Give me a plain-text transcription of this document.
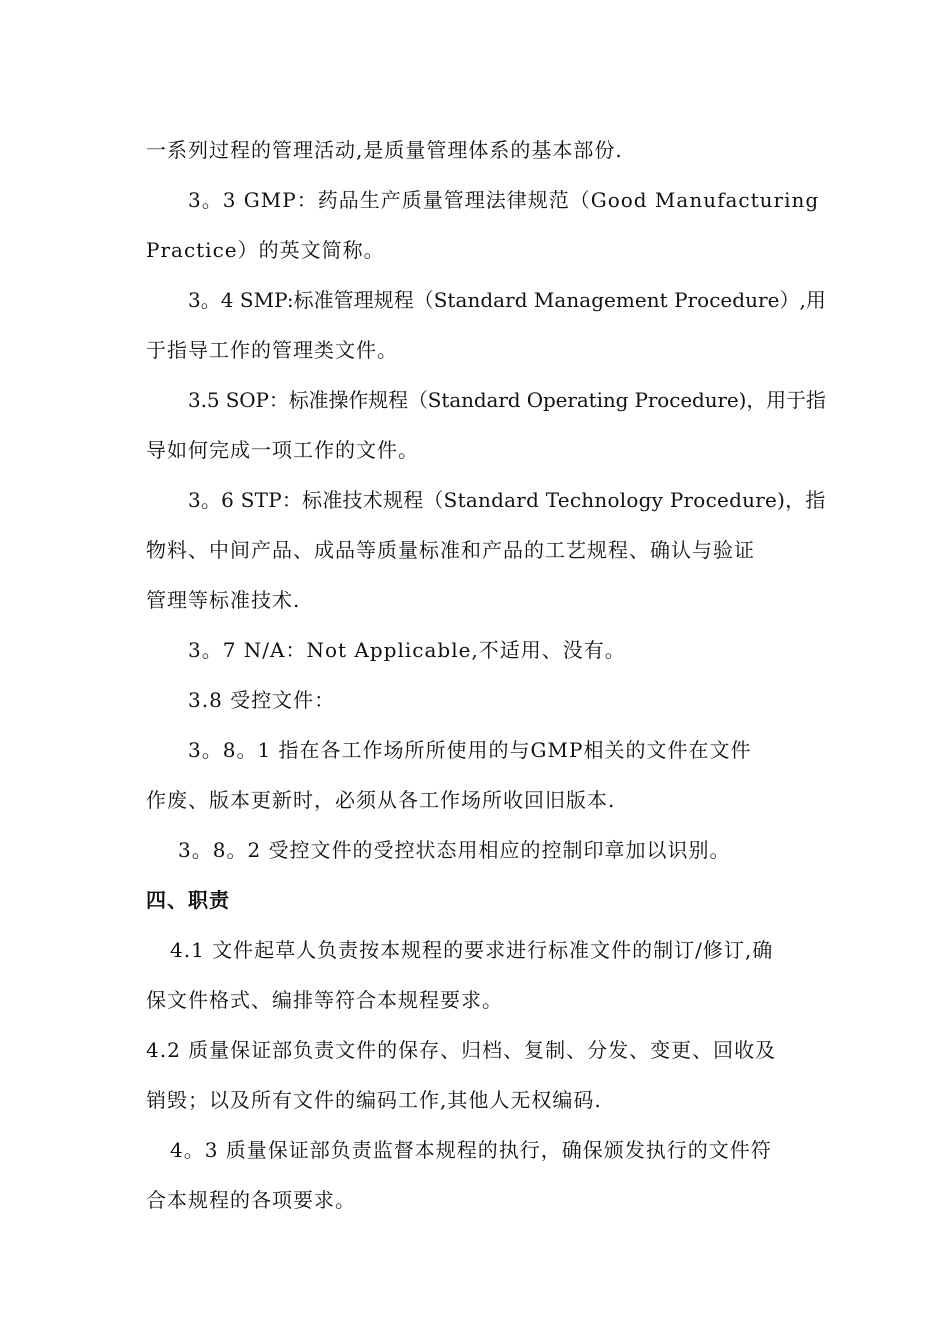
一系列过程的管理活动,是质量管理体系的基本部份.
3。3 GMP：药品生产质量管理法律规范（Good Manufacturing
Practice）的英文简称。
3。4 SMP:标准管理规程（Standard Management Procedure）,用
于指导工作的管理类文件。
3.5 SOP：标准操作规程（Standard Operating Procedure)，用于指
导如何完成一项工作的文件。
3。6 STP：标准技术规程（Standard Technology Procedure)，指
物料、中间产品、成品等质量标准和产品的工艺规程、确认与验证
管理等标准技术.
3。7 N/A：Not Applicable,不适用、没有。
3.8 受控文件：
3。8。1 指在各工作场所所使用的与GMP相关的文件在文件
作废、版本更新时，必须从各工作场所收回旧版本.
3。8。2 受控文件的受控状态用相应的控制印章加以识别。
四、职责
4.1 文件起草人负责按本规程的要求进行标准文件的制订/修订,确
保文件格式、编排等符合本规程要求。
4.2 质量保证部负责文件的保存、归档、复制、分发、变更、回收及
销毁；以及所有文件的编码工作,其他人无权编码.
4。3 质量保证部负责监督本规程的执行，确保颁发执行的文件符
合本规程的各项要求。
